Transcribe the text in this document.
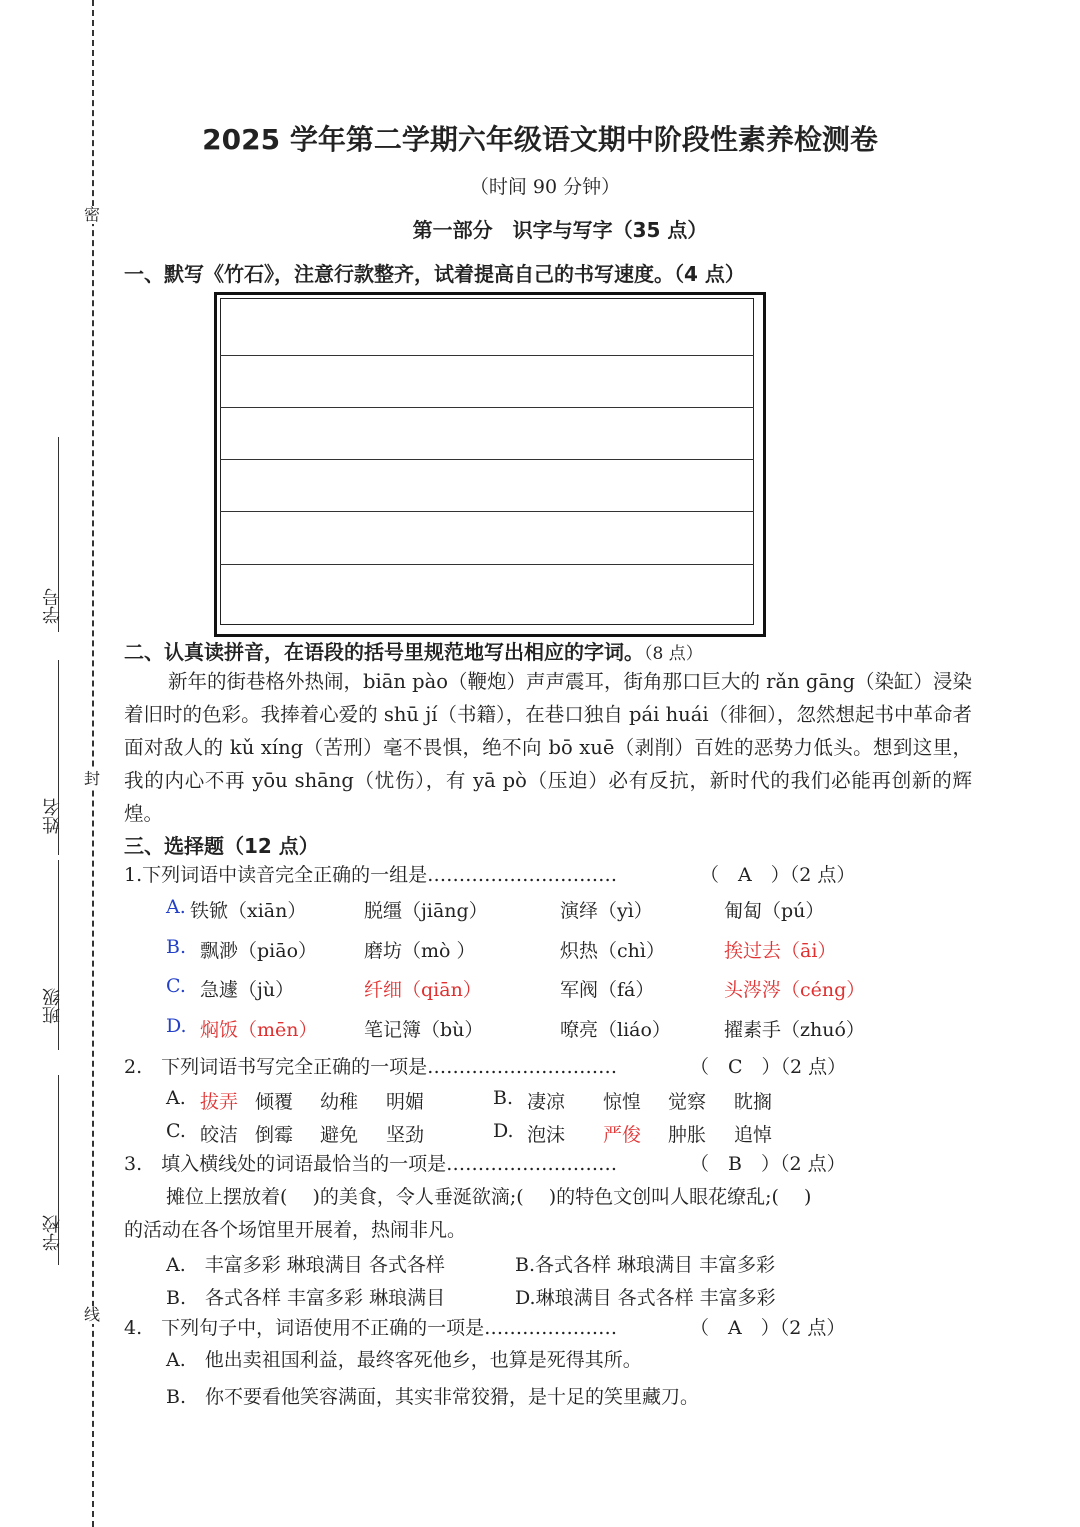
密
封
线
学号
姓名
班级
学校
2025 学年第二学期六年级语文期中阶段性素养检测卷
（时间 90 分钟）
第一部分　识字与写字（35 点）
一、默写《竹石》，注意行款整齐，试着提高自己的书写速度。（4 点）
二、认真读拼音，在语段的括号里规范地写出相应的字词。（8 点）
新年的街巷格外热闹，biān pào（鞭炮）声声震耳，街角那口巨大的 rǎn gāng（染缸）浸染着旧时的色彩。我捧着心爱的 shū jí（书籍），在巷口独自 pái huái（徘徊），忽然想起书中革命者面对敌人的 kǔ xíng（苦刑）毫不畏惧，绝不向 bō xuē（剥削）百姓的恶势力低头。想到这里，我的内心不再 yōu shāng（忧伤），有 yā pò（压迫）必有反抗，新时代的我们必能再创新的辉煌。
三、选择题（12 点）
1.下列词语中读音完全正确的一组是…………………………	（　A　）（2 点）
A. 铁锨（xiān）	脱缰（jiāng）	演绎（yì）	匍匐（pú）
B. 飘渺（piāo） 磨坊（mò ）	炽热（chì）	挨过去（āi）
C. 急遽（jù）	纤细（qiān）	军阀（fá）	头涔涔（céng）
D. 焖饭（mēn） 笔记簿（bù）	嘹亮（liáo）	擢素手（zhuó）
2.　下列词语书写完全正确的一项是…………………………	（　C　）（2 点）
A. 拔弄 倾覆 幼稚 明媚	B. 凄凉 惊惶 觉察 眈搁
C. 皎洁 倒霉 避免 坚劲	D. 泡沫 严俊 肿胀 追悼
3.　填入横线处的词语最恰当的一项是………………………	（　B　）（2 点）
摊位上摆放着(　 )的美食，令人垂涎欲滴;(　 )的特色文创叫人眼花缭乱;(　 )
的活动在各个场馆里开展着，热闹非凡。
A.　丰富多彩 琳琅满目 各式各样	B.各式各样 琳琅满目 丰富多彩
B.　各式各样 丰富多彩 琳琅满目	D.琳琅满目 各式各样 丰富多彩
4.　下列句子中，词语使用不正确的一项是…………………	（　A　）（2 点）
A.　他出卖祖国利益，最终客死他乡，也算是死得其所。
B.　你不要看他笑容满面，其实非常狡猾，是十足的笑里藏刀。
